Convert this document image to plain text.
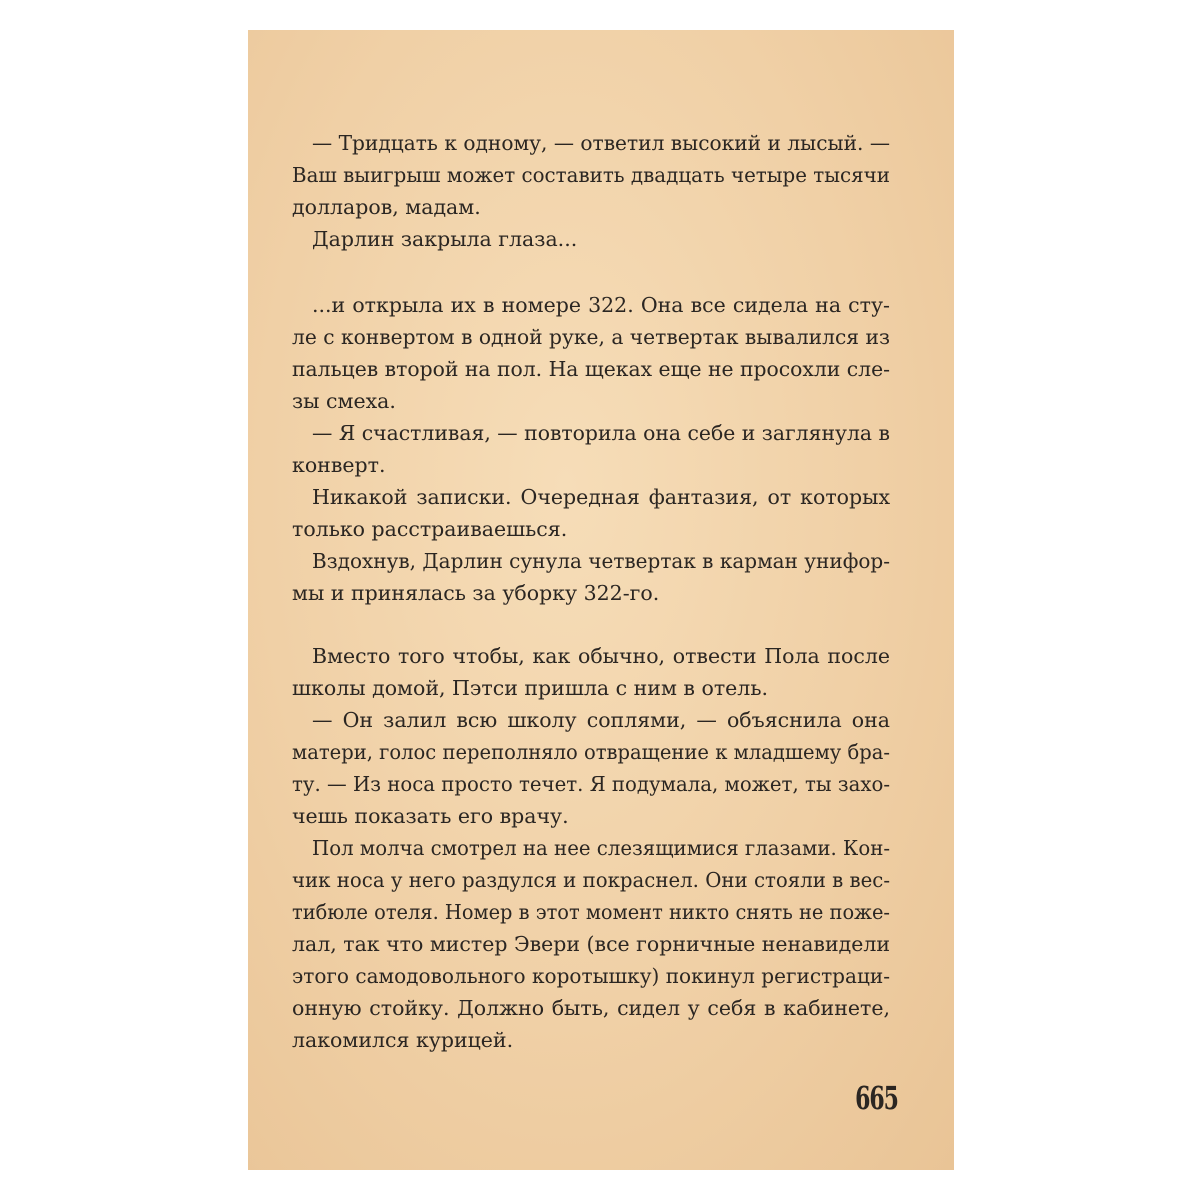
— Тридцать к одному, — ответил высокий и лысый. —
Ваш выигрыш может составить двадцать четыре тысячи
долларов, мадам.
Дарлин закрыла глаза...
...и открыла их в номере 322. Она все сидела на сту-
ле с конвертом в одной руке, а четвертак вывалился из
пальцев второй на пол. На щеках еще не просохли сле-
зы смеха.
— Я счастливая, — повторила она себе и заглянула в
конверт.
Никакой записки. Очередная фантазия, от которых
только расстраиваешься.
Вздохнув, Дарлин сунула четвертак в карман унифор-
мы и принялась за уборку 322-го.
Вместо того чтобы, как обычно, отвести Пола после
школы домой, Пэтси пришла с ним в отель.
— Он залил всю школу соплями, — объяснила она
матери, голос переполняло отвращение к младшему бра-
ту. — Из носа просто течет. Я подумала, может, ты захо-
чешь показать его врачу.
Пол молча смотрел на нее слезящимися глазами. Кон-
чик носа у него раздулся и покраснел. Они стояли в вес-
тибюле отеля. Номер в этот момент никто снять не поже-
лал, так что мистер Эвери (все горничные ненавидели
этого самодовольного коротышку) покинул регистраци-
онную стойку. Должно быть, сидел у себя в кабинете,
лакомился курицей.
665
